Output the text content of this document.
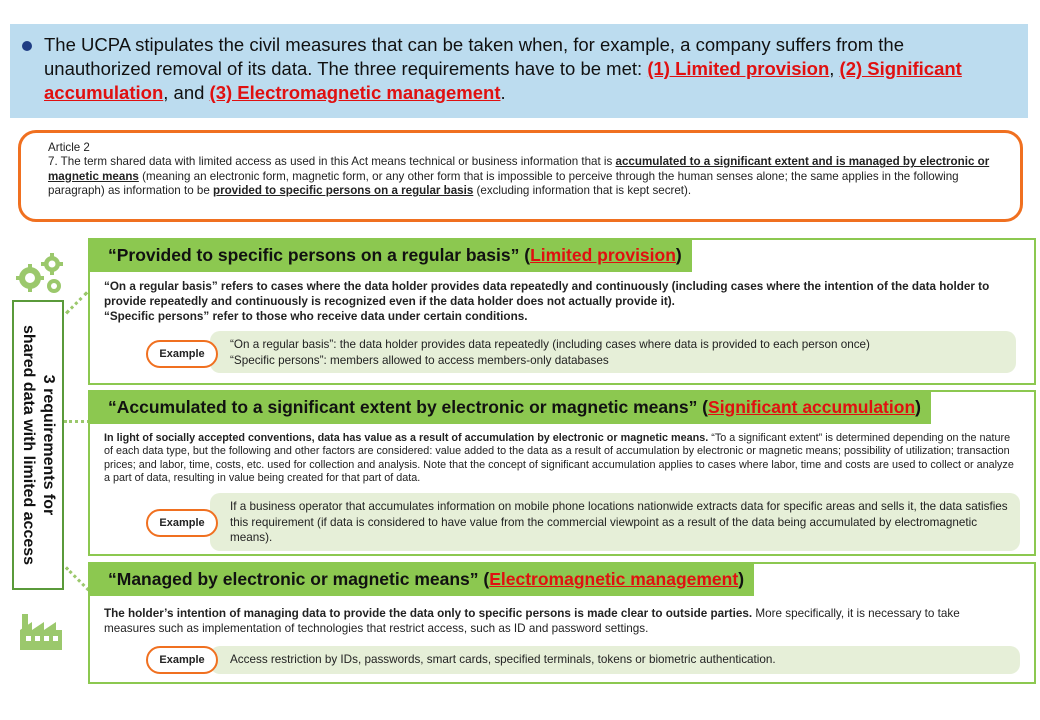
The UCPA stipulates the civil measures that can be taken when, for example, a company suffers from the unauthorized removal of its data. The three requirements have to be met: (1) Limited provision, (2) Significant accumulation, and (3) Electromagnetic management.
Article 2
7. The term shared data with limited access as used in this Act means technical or business information that is accumulated to a significant extent and is managed by electronic or magnetic means (meaning an electronic form, magnetic form, or any other form that is impossible to perceive through the human senses alone; the same applies in the following paragraph) as information to be provided to specific persons on a regular basis (excluding information that is kept secret).
3 requirements for
shared data with limited access
“Provided to specific persons on a regular basis” (Limited provision)
“On a regular basis” refers to cases where the data holder provides data repeatedly and continuously (including cases where the intention of the data holder to provide repeatedly and continuously is recognized even if the data holder does not actually provide it).
“Specific persons” refer to those who receive data under certain conditions.
“On a regular basis”: the data holder provides data repeatedly (including cases where data is provided to each person once)
“Specific persons”: members allowed to access members-only databases
Example
“Accumulated to a significant extent by electronic or magnetic means” (Significant accumulation)
In light of socially accepted conventions, data has value as a result of accumulation by electronic or magnetic means. “To a significant extent” is determined depending on the nature of each data type, but the following and other factors are considered: value added to the data as a result of accumulation by electronic or magnetic means; possibility of utilization; transaction prices; and labor, time, costs, etc. used for collection and analysis. Note that the concept of significant accumulation applies to cases where labor, time and costs are used to collect or analyze a part of data, resulting in value being created for that part of data.
If a business operator that accumulates information on mobile phone locations nationwide extracts data for specific areas and sells it, the data satisfies this requirement (if data is considered to have value from the commercial viewpoint as a result of the data being accumulated by electromagnetic means).
Example
“Managed by electronic or magnetic means” (Electromagnetic management)
The holder’s intention of managing data to provide the data only to specific persons is made clear to outside parties. More specifically, it is necessary to take measures such as implementation of technologies that restrict access, such as ID and password settings.
Access restriction by IDs, passwords, smart cards, specified terminals, tokens or biometric authentication.
Example
